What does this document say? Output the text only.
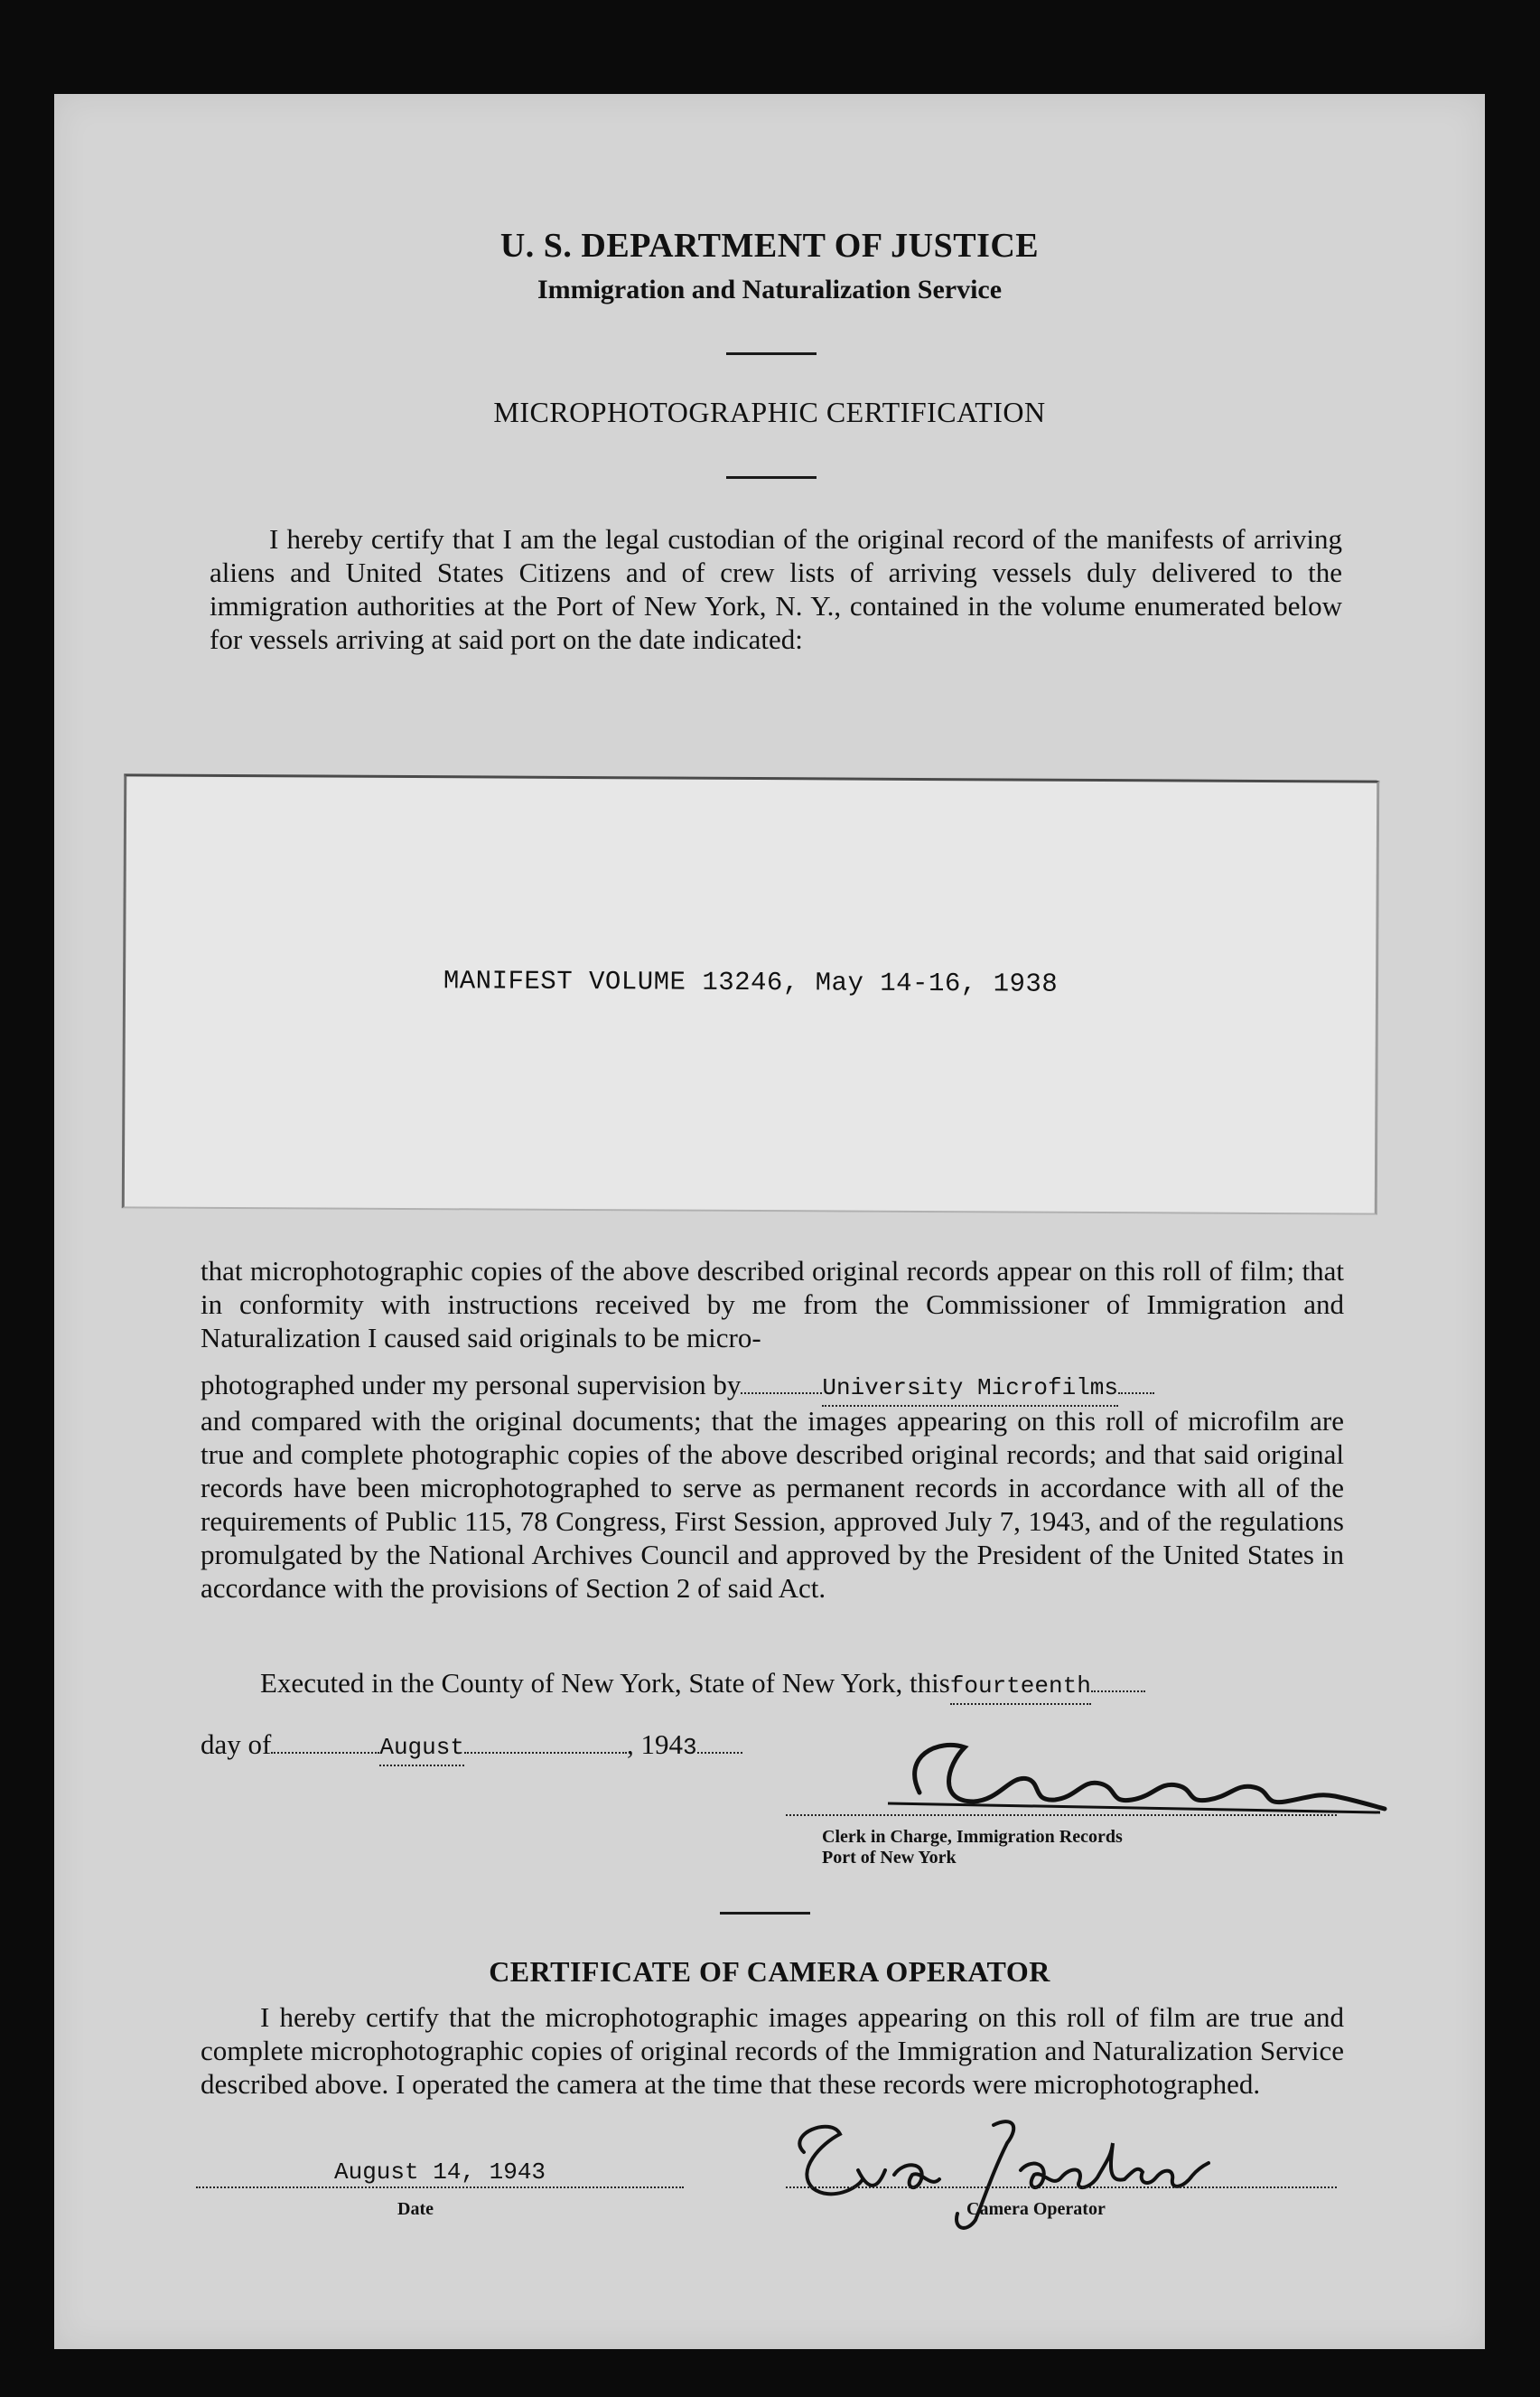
U. S. DEPARTMENT OF JUSTICE
Immigration and Naturalization Service
MICROPHOTOGRAPHIC CERTIFICATION
I hereby certify that I am the legal custodian of the original record of the manifests of arriving aliens and United States Citizens and of crew lists of arriving vessels duly delivered to the immigration authorities at the Port of New York, N. Y., contained in the volume enumerated below for vessels arriving at said port on the date indicated:
MANIFEST VOLUME 13246, May 14-16, 1938
that microphotographic copies of the above described original records appear on this roll of film; that in conformity with instructions received by me from the Commissioner of Immigration and Naturalization I caused said originals to be micro-
photographed under my personal supervision by	University Microfilms
and compared with the original documents; that the images appearing on this roll of microfilm are true and complete photographic copies of the above described original records; and that said original records have been microphotographed to serve as permanent records in accordance with all of the requirements of Public 115, 78 Congress, First Session, approved July 7, 1943, and of the regulations promulgated by the National Archives Council and approved by the President of the United States in accordance with the provisions of Section 2 of said Act.
Executed in the County of New York, State of New York, thisfourteenth
day of	August	, 1943
Clerk in Charge, Immigration Records
Port of New York
CERTIFICATE OF CAMERA OPERATOR
I hereby certify that the microphotographic images appearing on this roll of film are true and complete microphotographic copies of original records of the Immigration and Naturalization Service described above. I operated the camera at the time that these records were microphotographed.
August 14, 1943
Date	Camera Operator
